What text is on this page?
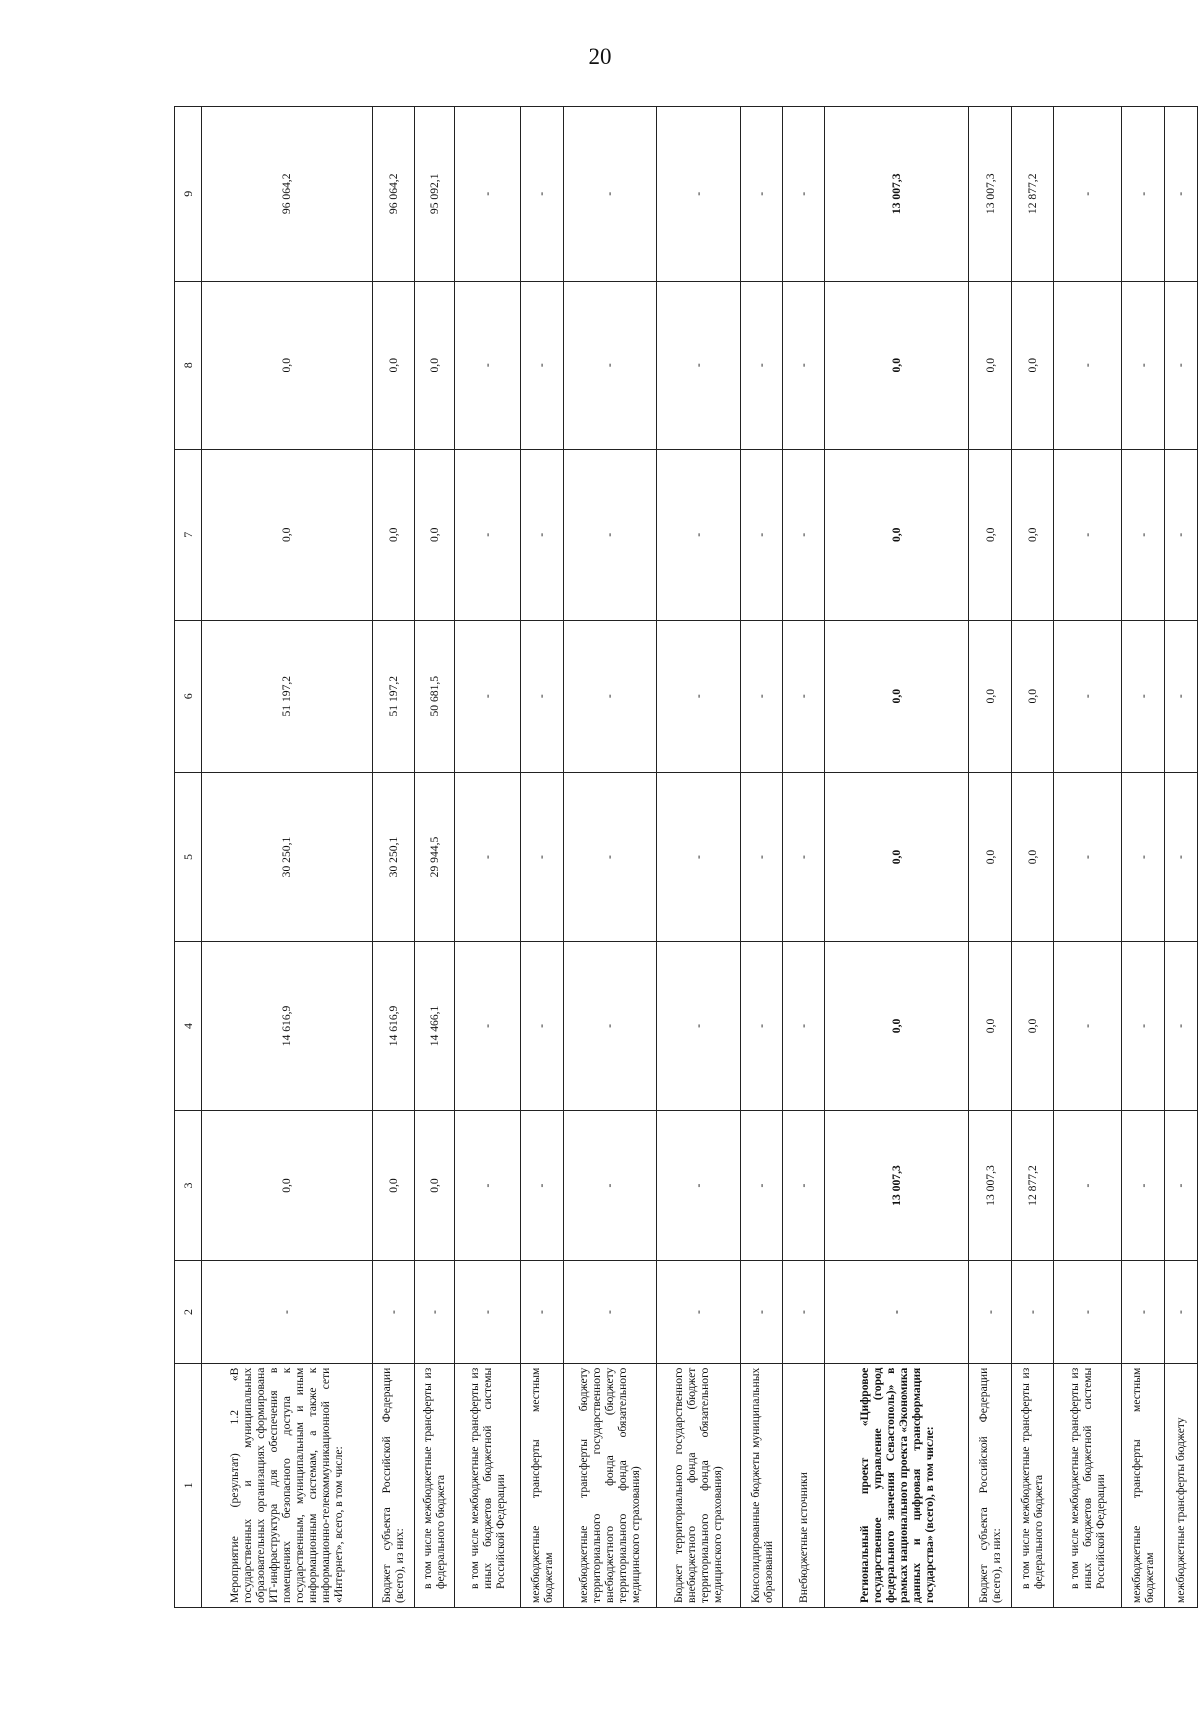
20
1	2	3	4	5	6	7	8	9
Мероприятие (результат) 1.2 «В государственных и муниципальных образовательных организациях сформирована ИТ-инфраструктура для обеспечения в помещениях безопасного доступа к государственным, муниципальным и иным информационным системам, а также к информационно-телекоммуникационной сети «Интернет», всего, в том числе:	-	0,0	14 616,9	30 250,1	51 197,2	0,0	0,0	96 064,2
Бюджет субъекта Российской Федерации (всего), из них:	-	0,0	14 616,9	30 250,1	51 197,2	0,0	0,0	96 064,2
в том числе межбюджетные трансферты из федерального бюджета	-	0,0	14 466,1	29 944,5	50 681,5	0,0	0,0	95 092,1
в том числе межбюджетные трансферты из иных бюджетов бюджетной системы Российской Федерации	-	-	-	-	-	-	-	-
межбюджетные трансферты местным бюджетам	-	-	-	-	-	-	-	-
межбюджетные трансферты бюджету территориального государственного внебюджетного фонда (бюджету территориального фонда обязательного медицинского страхования)	-	-	-	-	-	-	-	-
Бюджет территориального государственного внебюджетного фонда (бюджет территориального фонда обязательного медицинского страхования)	-	-	-	-	-	-	-	-
Консолидированные бюджеты муниципальных образований	-	-	-	-	-	-	-	-
Внебюджетные источники	-	-	-	-	-	-	-	-
Региональный проект «Цифровое государственное управление (город федерального значения Севастополь)» в рамках национального проекта «Экономика данных и цифровая трансформация государства» (всего), в том числе:	-	13 007,3	0,0	0,0	0,0	0,0	0,0	13 007,3
Бюджет субъекта Российской Федерации (всего), из них:	-	13 007,3	0,0	0,0	0,0	0,0	0,0	13 007,3
в том числе межбюджетные трансферты из федерального бюджета	-	12 877,2	0,0	0,0	0,0	0,0	0,0	12 877,2
в том числе межбюджетные трансферты из иных бюджетов бюджетной системы Российской Федерации	-	-	-	-	-	-	-	-
межбюджетные трансферты местным бюджетам	-	-	-	-	-	-	-	-
межбюджетные трансферты бюджету	-	-	-	-	-	-	-	-
